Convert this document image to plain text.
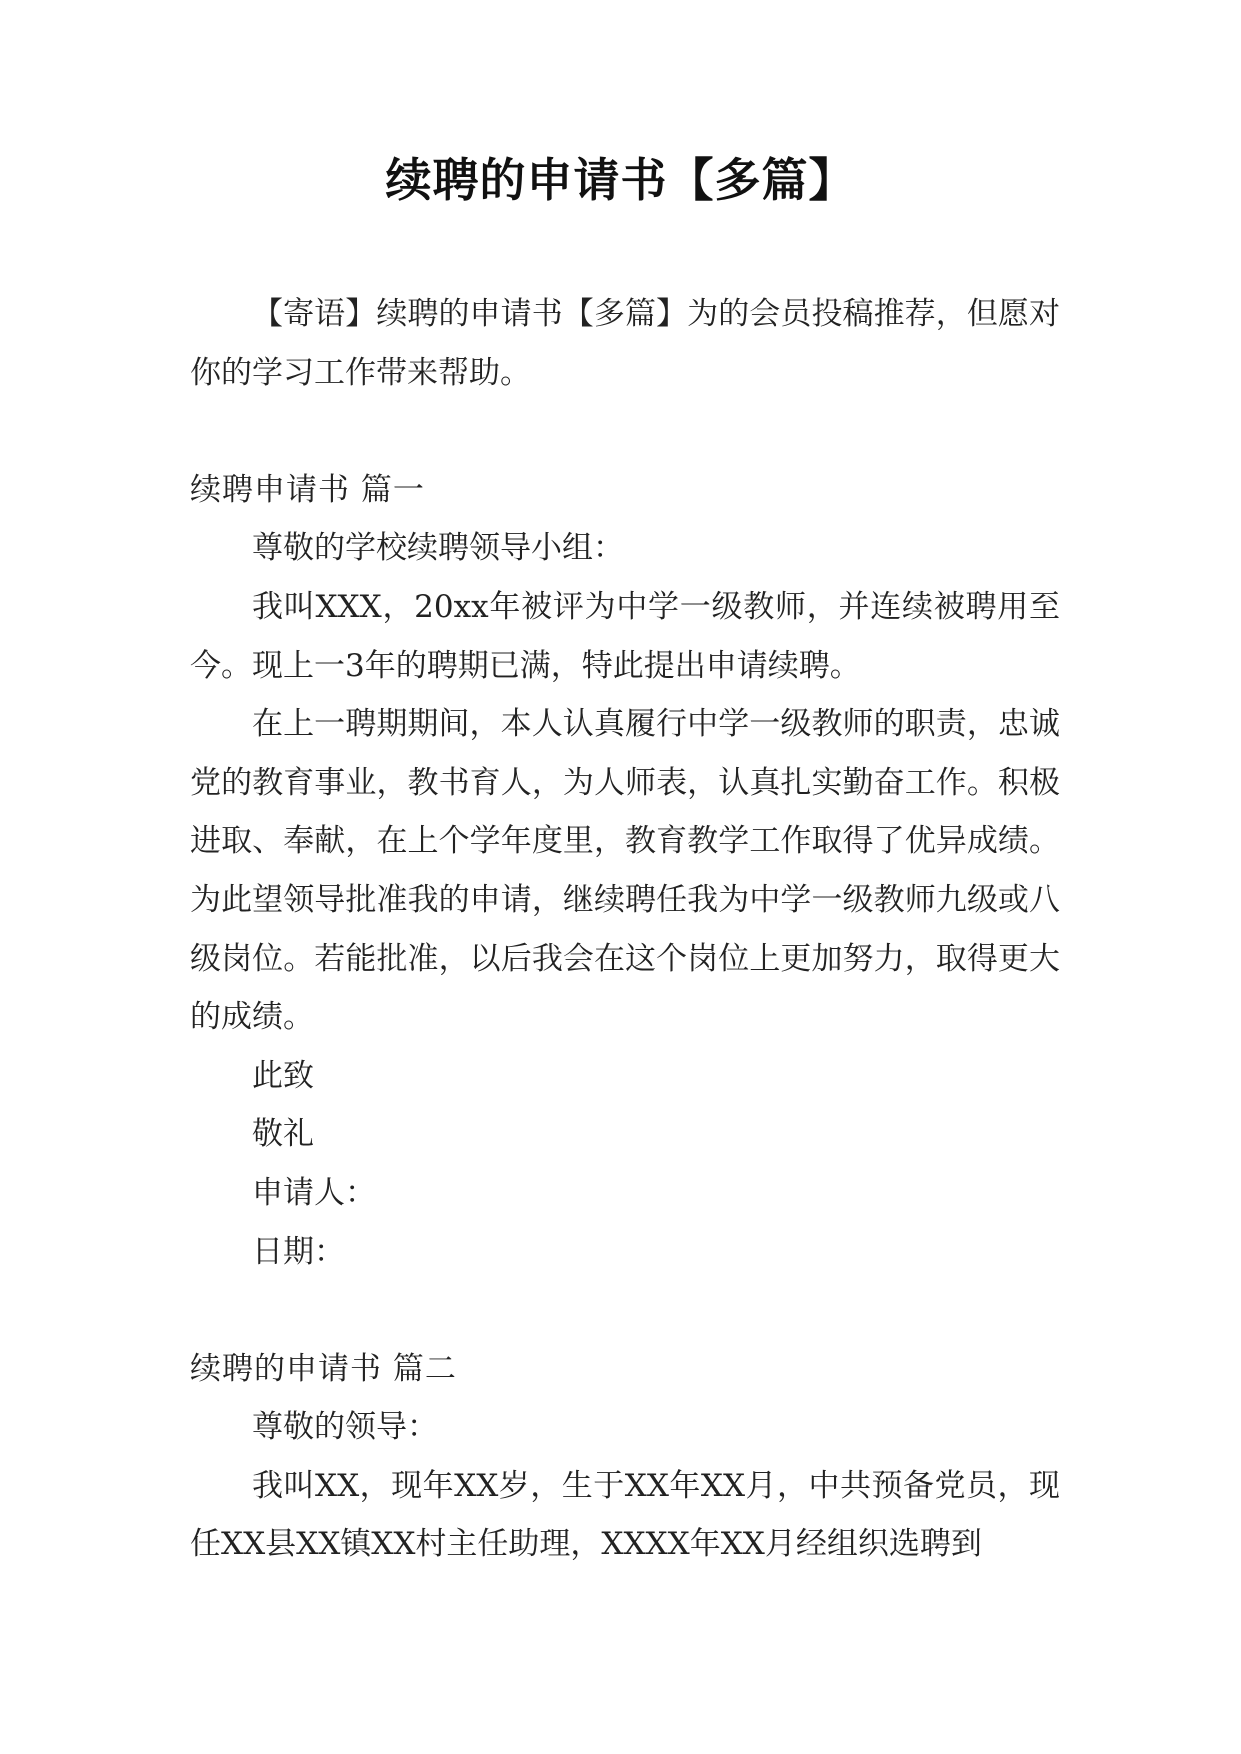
续聘的申请书【多篇】

【寄语】续聘的申请书【多篇】为的会员投稿推荐，但愿对你的学习工作带来帮助。

续聘申请书 篇一

尊敬的学校续聘领导小组：

我叫XXX，20xx年被评为中学一级教师，并连续被聘用至今。现上一3年的聘期已满，特此提出申请续聘。

在上一聘期期间，本人认真履行中学一级教师的职责，忠诚党的教育事业，教书育人，为人师表，认真扎实勤奋工作。积极进取、奉献，在上个学年度里，教育教学工作取得了优异成绩。为此望领导批准我的申请，继续聘任我为中学一级教师九级或八级岗位。若能批准，以后我会在这个岗位上更加努力，取得更大的成绩。

此致

敬礼

申请人：

日期：

续聘的申请书 篇二

尊敬的领导：

我叫XX，现年XX岁，生于XX年XX月，中共预备党员，现任XX县XX镇XX村主任助理，XXXX年XX月经组织选聘到
